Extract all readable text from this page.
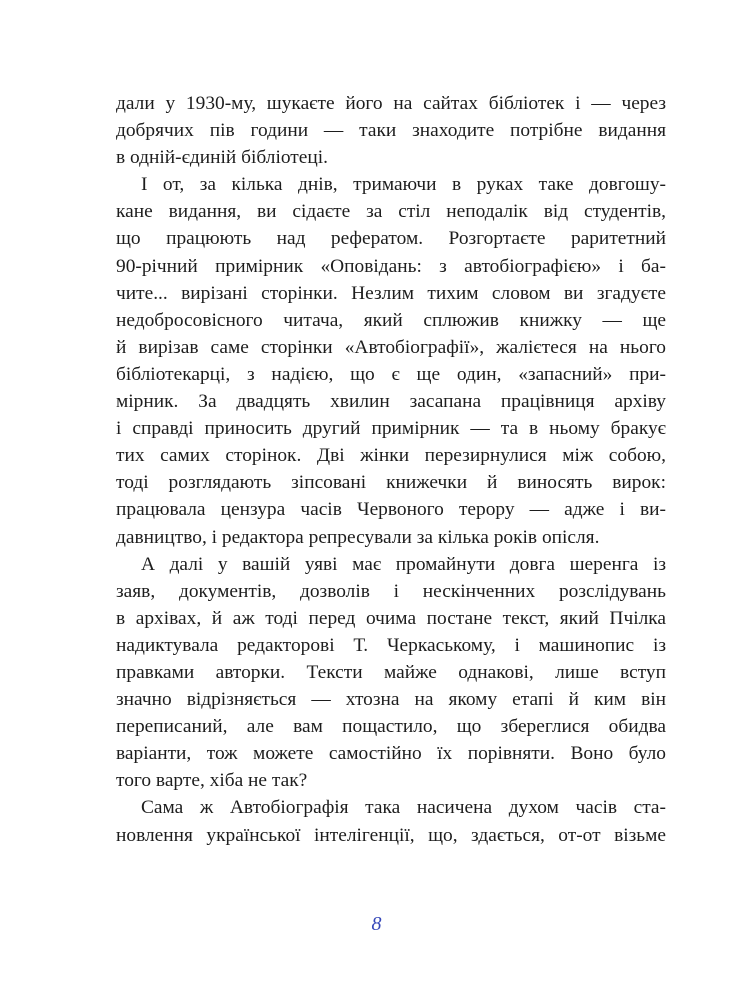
дали у 1930-му, шукаєте його на сайтах бібліотек і — через
добрячих пів години — таки знаходите потрібне видання
в одній-єдиній бібліотеці.
І от, за кілька днів, тримаючи в руках таке довгошу-
кане видання, ви сідаєте за стіл неподалік від студентів,
що працюють над рефератом. Розгортаєте раритетний
90-річний примірник «Оповідань: з автобіографією» і ба-
чите... вирізані сторінки. Незлим тихим словом ви згадуєте
недобросовісного читача, який сплюжив книжку — ще
й вирізав саме сторінки «Автобіографії», жалієтеся на нього
бібліотекарці, з надією, що є ще один, «запасний» при-
мірник. За двадцять хвилин засапана працівниця архіву
і справді приносить другий примірник — та в ньому бракує
тих самих сторінок. Дві жінки перезирнулися між собою,
тоді розглядають зіпсовані книжечки й виносять вирок:
працювала цензура часів Червоного терору — адже і ви-
давництво, і редактора репресували за кілька років опісля.
А далі у вашій уяві має промайнути довга шеренга із
заяв, документів, дозволів і нескінченних розслідувань
в архівах, й аж тоді перед очима постане текст, який Пчілка
надиктувала редакторові Т. Черкаському, і машинопис із
правками авторки. Тексти майже однакові, лише вступ
значно відрізняється — хтозна на якому етапі й ким він
переписаний, але вам пощастило, що збереглися обидва
варіанти, тож можете самостійно їх порівняти. Воно було
того варте, хіба не так?
Сама ж Автобіографія така насичена духом часів ста-
новлення української інтелігенції, що, здається, от-от візьме
8
